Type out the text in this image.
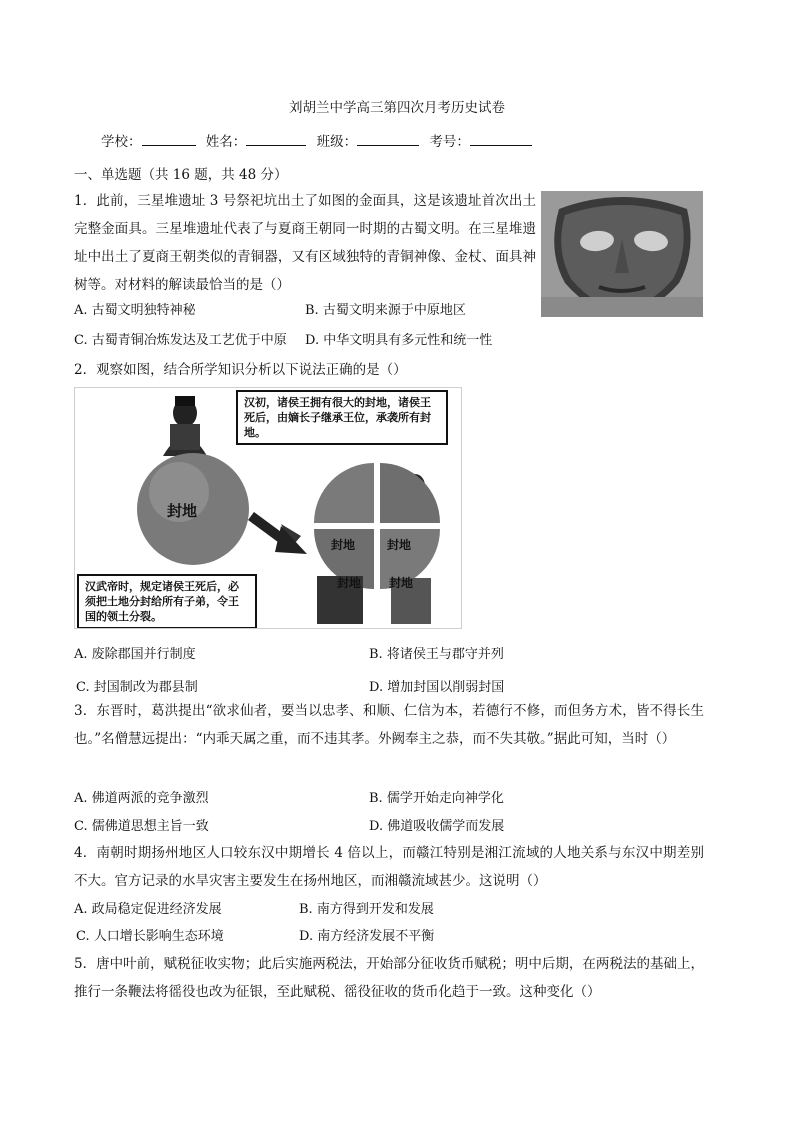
刘胡兰中学高三第四次月考历史试卷
学校：	姓名：	班级：	考号：
一、单选题（共 16 题，共 48 分）
1．此前，三星堆遗址 3 号祭祀坑出土了如图的金面具，这是该遗址首次出土完整金面具。三星堆遗址代表了与夏商王朝同一时期的古蜀文明。在三星堆遗址中出土了夏商王朝类似的青铜器，又有区域独特的青铜神像、金杖、面具神树等。对材料的解读最恰当的是（）
A. 古蜀文明独特神秘	B. 古蜀文明来源于中原地区
C. 古蜀青铜冶炼发达及工艺优于中原 D. 中华文明具有多元性和统一性
2．观察如图，结合所学知识分析以下说法正确的是（）
汉初，诸侯王拥有很大的封地，诸侯王死后，由嫡长子继承王位，承袭所有封地。
汉武帝时，规定诸侯王死后，必须把土地分封给所有子弟，令王国的领土分裂。
封地
封地	封地
封地 封地
A. 废除郡国并行制度	B. 将诸侯王与郡守并列
C. 封国制改为郡县制	D. 增加封国以削弱封国
3．东晋时，葛洪提出“欲求仙者，要当以忠孝、和顺、仁信为本，若德行不修，而但务方术，皆不得长生也。”名僧慧远提出：“内乖天属之重，而不违其孝。外阙奉主之恭，而不失其敬。”据此可知，当时（）
A. 佛道两派的竞争激烈	B. 儒学开始走向神学化
C. 儒佛道思想主旨一致	D. 佛道吸收儒学而发展
4．南朝时期扬州地区人口较东汉中期增长 4 倍以上，而赣江特别是湘江流域的人地关系与东汉中期差别不大。官方记录的水旱灾害主要发生在扬州地区，而湘赣流域甚少。这说明（）
A. 政局稳定促进经济发展	B. 南方得到开发和发展
C. 人口增长影响生态环境	D. 南方经济发展不平衡
5．唐中叶前，赋税征收实物；此后实施两税法，开始部分征收货币赋税；明中后期，在两税法的基础上，推行一条鞭法将徭役也改为征银，至此赋税、徭役征收的货币化趋于一致。这种变化（）
